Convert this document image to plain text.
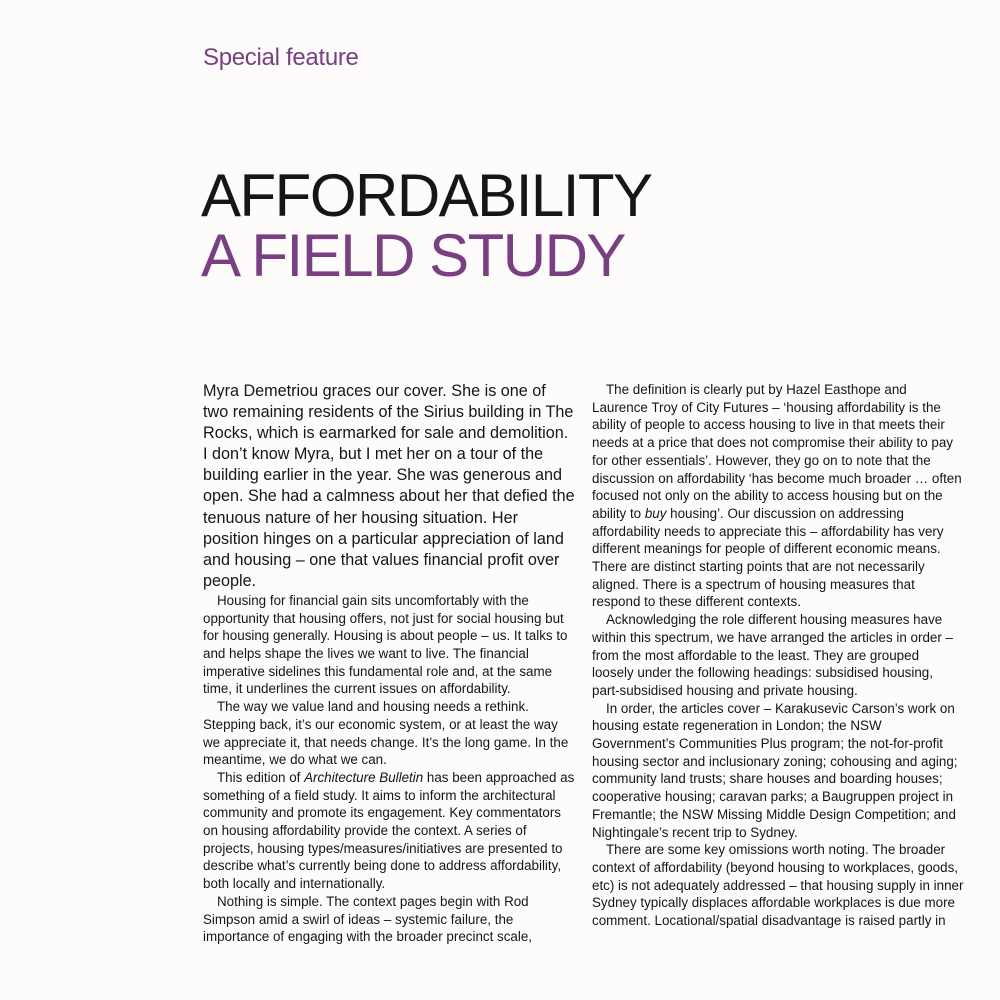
Special feature
AFFORDABILITY
A FIELD STUDY

Myra Demetriou graces our cover. She is one of two remaining residents of the Sirius building in The Rocks, which is earmarked for sale and demolition. I don’t know Myra, but I met her on a tour of the building earlier in the year. She was generous and open. She had a calmness about her that defied the tenuous nature of her housing situation. Her position hinges on a particular appreciation of land and housing – one that values financial profit over people.

Housing for financial gain sits uncomfortably with the opportunity that housing offers, not just for social housing but for housing generally. Housing is about people – us. It talks to and helps shape the lives we want to live. The financial imperative sidelines this fundamental role and, at the same time, it underlines the current issues on affordability.

The way we value land and housing needs a rethink. Stepping back, it’s our economic system, or at least the way we appreciate it, that needs change. It’s the long game. In the meantime, we do what we can.

This edition of Architecture Bulletin has been approached as something of a field study. It aims to inform the architectural community and promote its engagement. Key commentators on housing affordability provide the context. A series of projects, housing types/measures/initiatives are presented to describe what’s currently being done to address affordability, both locally and internationally.

Nothing is simple. The context pages begin with Rod Simpson amid a swirl of ideas – systemic failure, the importance of engaging with the broader precinct scale,

The definition is clearly put by Hazel Easthope and Laurence Troy of City Futures – ‘housing affordability is the ability of people to access housing to live in that meets their needs at a price that does not compromise their ability to pay for other essentials’. However, they go on to note that the discussion on affordability ‘has become much broader … often focused not only on the ability to access housing but on the ability to buy housing’. Our discussion on addressing affordability needs to appreciate this – affordability has very different meanings for people of different economic means. There are distinct starting points that are not necessarily aligned. There is a spectrum of housing measures that respond to these different contexts.

Acknowledging the role different housing measures have within this spectrum, we have arranged the articles in order – from the most affordable to the least. They are grouped loosely under the following headings: subsidised housing, part-subsidised housing and private housing.

In order, the articles cover – Karakusevic Carson’s work on housing estate regeneration in London; the NSW Government’s Communities Plus program; the not-for-profit housing sector and inclusionary zoning; cohousing and aging; community land trusts; share houses and boarding houses; cooperative housing; caravan parks; a Baugruppen project in Fremantle; the NSW Missing Middle Design Competition; and Nightingale’s recent trip to Sydney.

There are some key omissions worth noting. The broader context of affordability (beyond housing to workplaces, goods, etc) is not adequately addressed – that housing supply in inner Sydney typically displaces affordable workplaces is due more comment. Locational/spatial disadvantage is raised partly in
